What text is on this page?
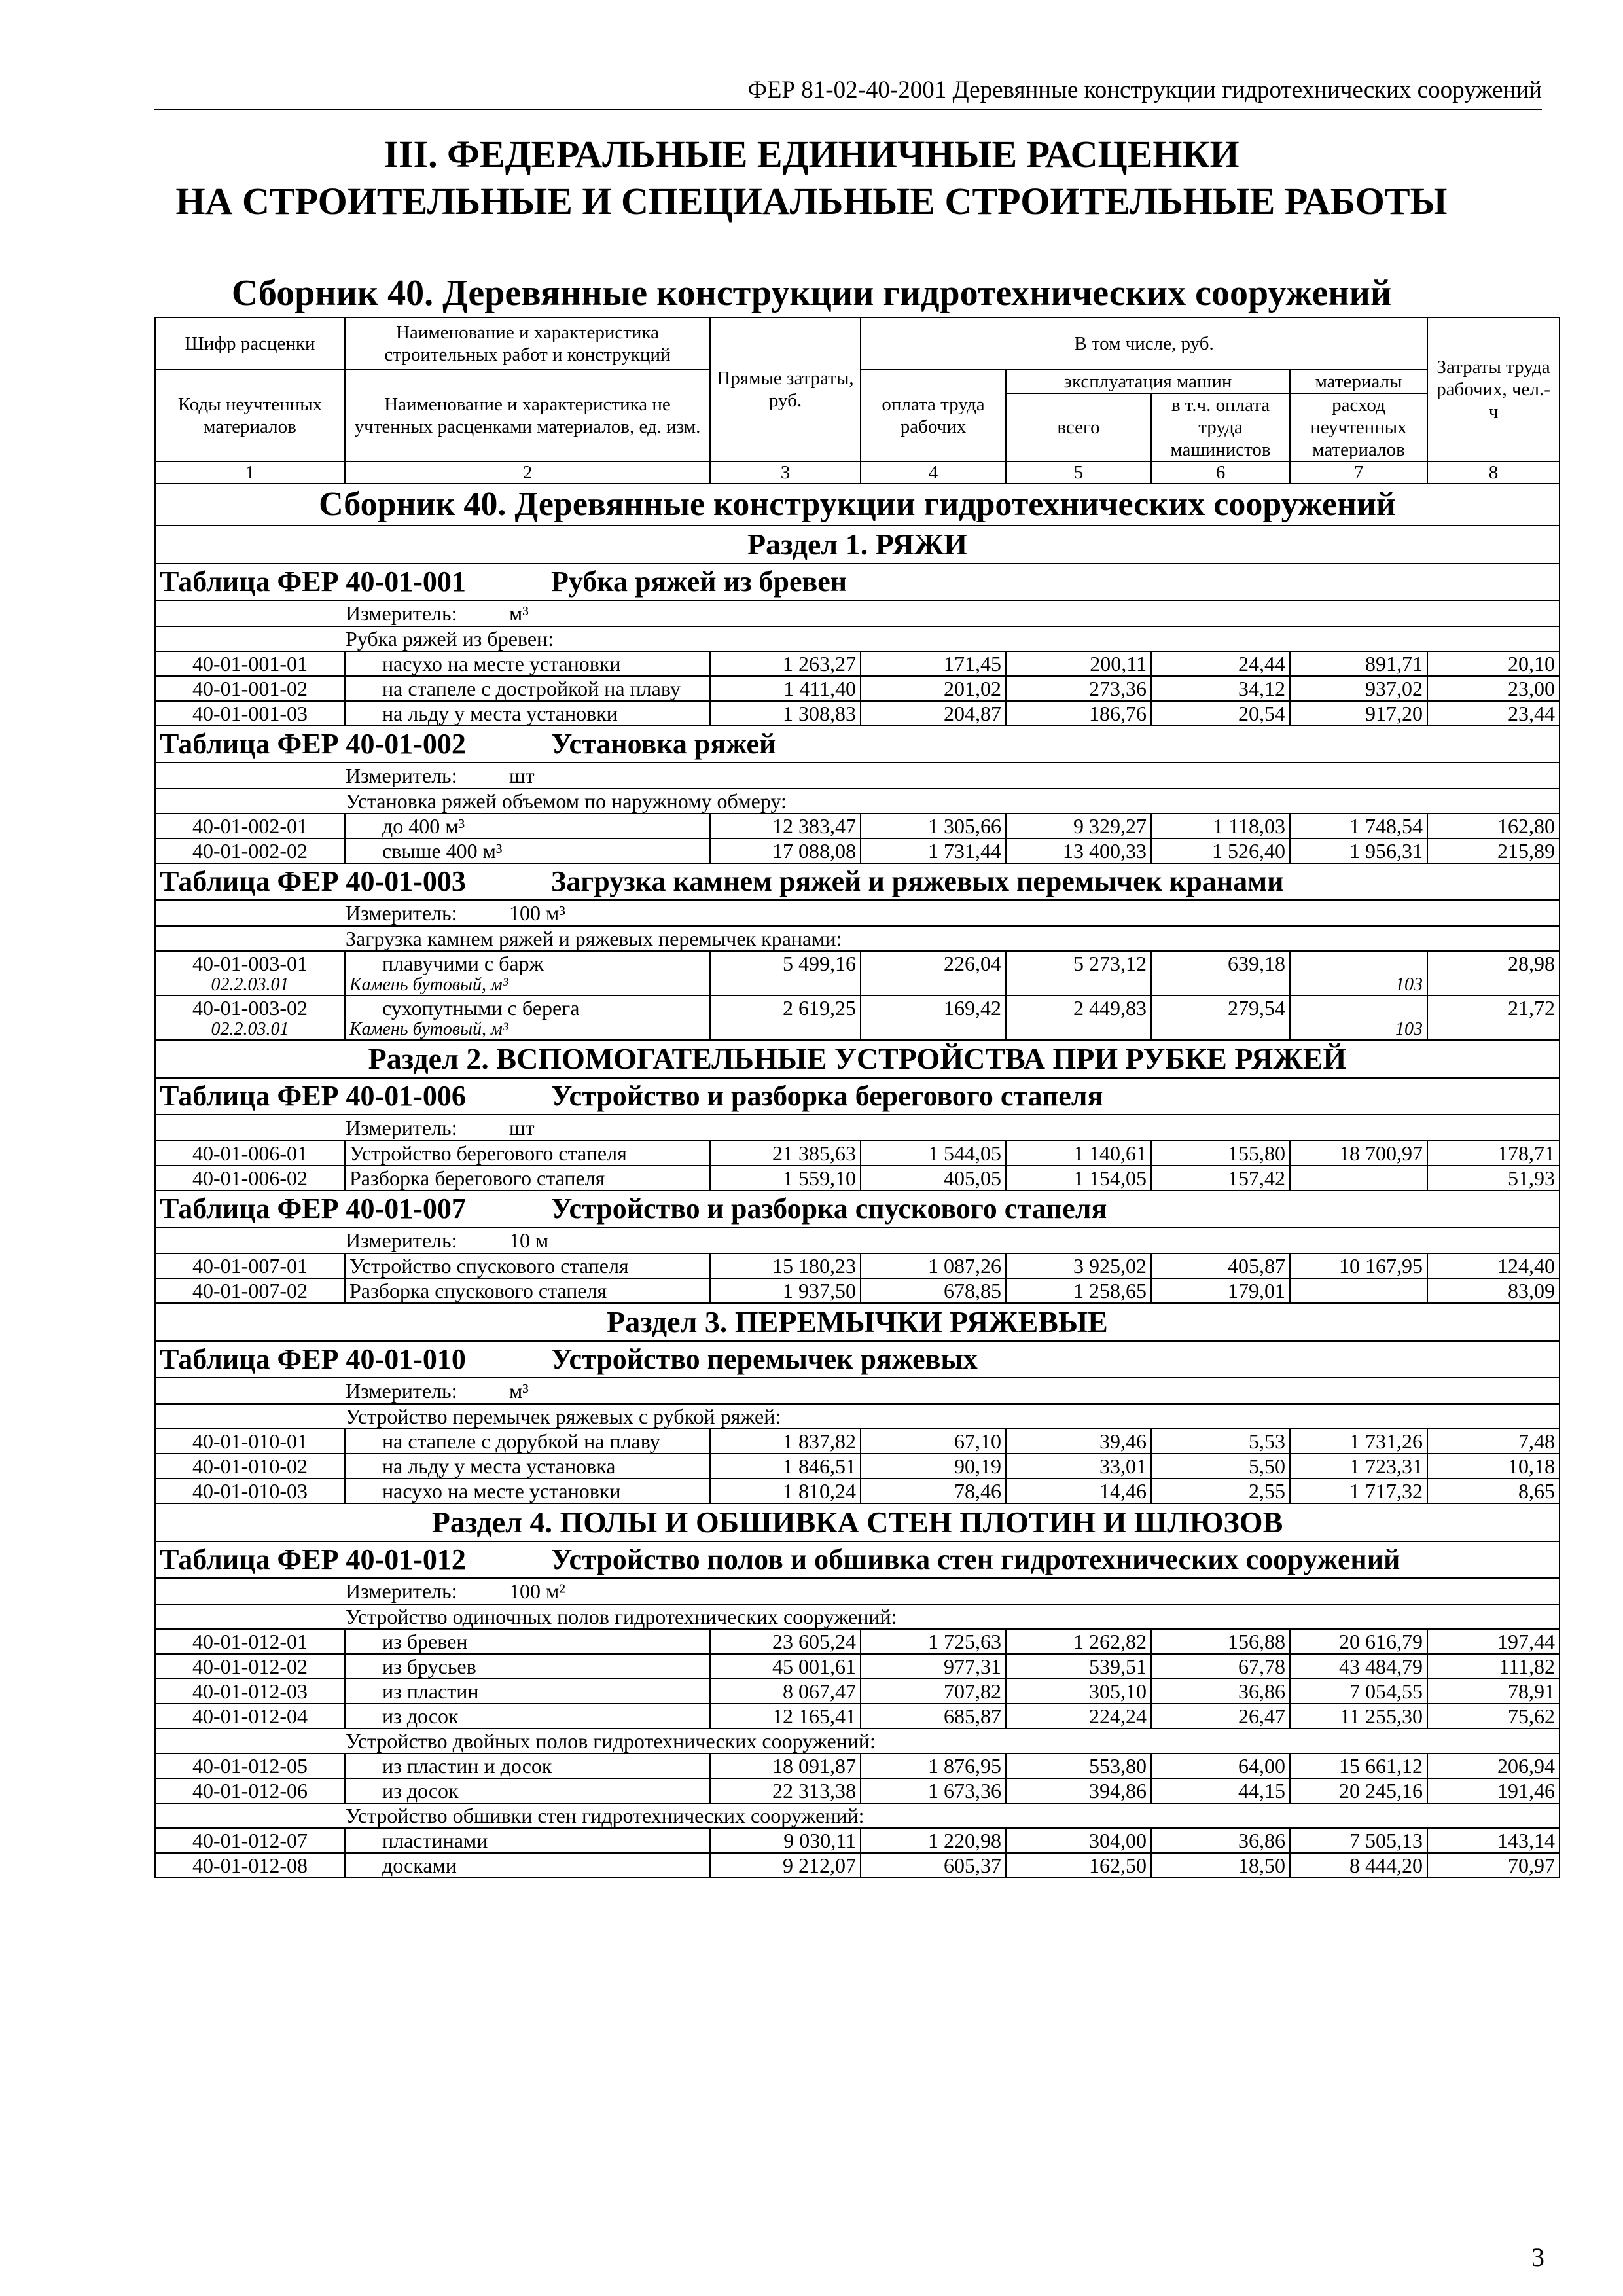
ФЕР 81-02-40-2001 Деревянные конструкции гидротехнических сооружений
III. ФЕДЕРАЛЬНЫЕ ЕДИНИЧНЫЕ РАСЦЕНКИ
НА СТРОИТЕЛЬНЫЕ И СПЕЦИАЛЬНЫЕ СТРОИТЕЛЬНЫЕ РАБОТЫ
Сборник 40. Деревянные конструкции гидротехнических сооружений
Шифр расценки	Наименование и характеристика строительных работ и конструкций	Прямые затраты, руб.	В том числе, руб.				Затраты труда рабочих, чел.-ч
Коды неучтенных материалов	Наименование и характеристика не учтенных расценками материалов, ед. изм.		оплата труда рабочих	эксплуатация машин		материалы	
				всего	в т.ч. оплата труда машинистов	расход неучтенных материалов	
1	2	3	4	5	6	7	8
Сборник 40. Деревянные конструкции гидротехнических сооружений							
Раздел 1. РЯЖИ							
Таблица ФЕР 40-01-001 Рубка ряжей из бревен							
Измеритель: м³							
Рубка ряжей из бревен:							
40-01-001-01	насухо на месте установки	1 263,27	171,45	200,11	24,44	891,71	20,10
40-01-001-02	на стапеле с достройкой на плаву	1 411,40	201,02	273,36	34,12	937,02	23,00
40-01-001-03	на льду у места установки	1 308,83	204,87	186,76	20,54	917,20	23,44
Таблица ФЕР 40-01-002 Установка ряжей							
Измеритель: шт							
Установка ряжей объемом по наружному обмеру:							
40-01-002-01	до 400 м³	12 383,47	1 305,66	9 329,27	1 118,03	1 748,54	162,80
40-01-002-02	свыше 400 м³	17 088,08	1 731,44	13 400,33	1 526,40	1 956,31	215,89
Таблица ФЕР 40-01-003 Загрузка камнем ряжей и ряжевых перемычек кранами							
Измеритель: 100 м³							
Загрузка камнем ряжей и ряжевых перемычек кранами:							
40-01-003-01	плавучими с барж	5 499,16	226,04	5 273,12	639,18		28,98
02.2.03.01	Камень бутовый, м³					103	
40-01-003-02	сухопутными с берега	2 619,25	169,42	2 449,83	279,54		21,72
02.2.03.01	Камень бутовый, м³					103	
Раздел 2. ВСПОМОГАТЕЛЬНЫЕ УСТРОЙСТВА ПРИ РУБКЕ РЯЖЕЙ							
Таблица ФЕР 40-01-006 Устройство и разборка берегового стапеля							
Измеритель: шт							
40-01-006-01	Устройство берегового стапеля	21 385,63	1 544,05	1 140,61	155,80	18 700,97	178,71
40-01-006-02	Разборка берегового стапеля	1 559,10	405,05	1 154,05	157,42		51,93
Таблица ФЕР 40-01-007 Устройство и разборка спускового стапеля							
Измеритель: 10 м							
40-01-007-01	Устройство спускового стапеля	15 180,23	1 087,26	3 925,02	405,87	10 167,95	124,40
40-01-007-02	Разборка спускового стапеля	1 937,50	678,85	1 258,65	179,01		83,09
Раздел 3. ПЕРЕМЫЧКИ РЯЖЕВЫЕ							
Таблица ФЕР 40-01-010 Устройство перемычек ряжевых							
Измеритель: м³							
Устройство перемычек ряжевых с рубкой ряжей:							
40-01-010-01	на стапеле с дорубкой на плаву	1 837,82	67,10	39,46	5,53	1 731,26	7,48
40-01-010-02	на льду у места установка	1 846,51	90,19	33,01	5,50	1 723,31	10,18
40-01-010-03	насухо на месте установки	1 810,24	78,46	14,46	2,55	1 717,32	8,65
Раздел 4. ПОЛЫ И ОБШИВКА СТЕН ПЛОТИН И ШЛЮЗОВ							
Таблица ФЕР 40-01-012 Устройство полов и обшивка стен гидротехнических сооружений							
Измеритель: 100 м²							
Устройство одиночных полов гидротехнических сооружений:							
40-01-012-01	из бревен	23 605,24	1 725,63	1 262,82	156,88	20 616,79	197,44
40-01-012-02	из брусьев	45 001,61	977,31	539,51	67,78	43 484,79	111,82
40-01-012-03	из пластин	8 067,47	707,82	305,10	36,86	7 054,55	78,91
40-01-012-04	из досок	12 165,41	685,87	224,24	26,47	11 255,30	75,62
Устройство двойных полов гидротехнических сооружений:							
40-01-012-05	из пластин и досок	18 091,87	1 876,95	553,80	64,00	15 661,12	206,94
40-01-012-06	из досок	22 313,38	1 673,36	394,86	44,15	20 245,16	191,46
Устройство обшивки стен гидротехнических сооружений:							
40-01-012-07	пластинами	9 030,11	1 220,98	304,00	36,86	7 505,13	143,14
40-01-012-08	досками	9 212,07	605,37	162,50	18,50	8 444,20	70,97
3
